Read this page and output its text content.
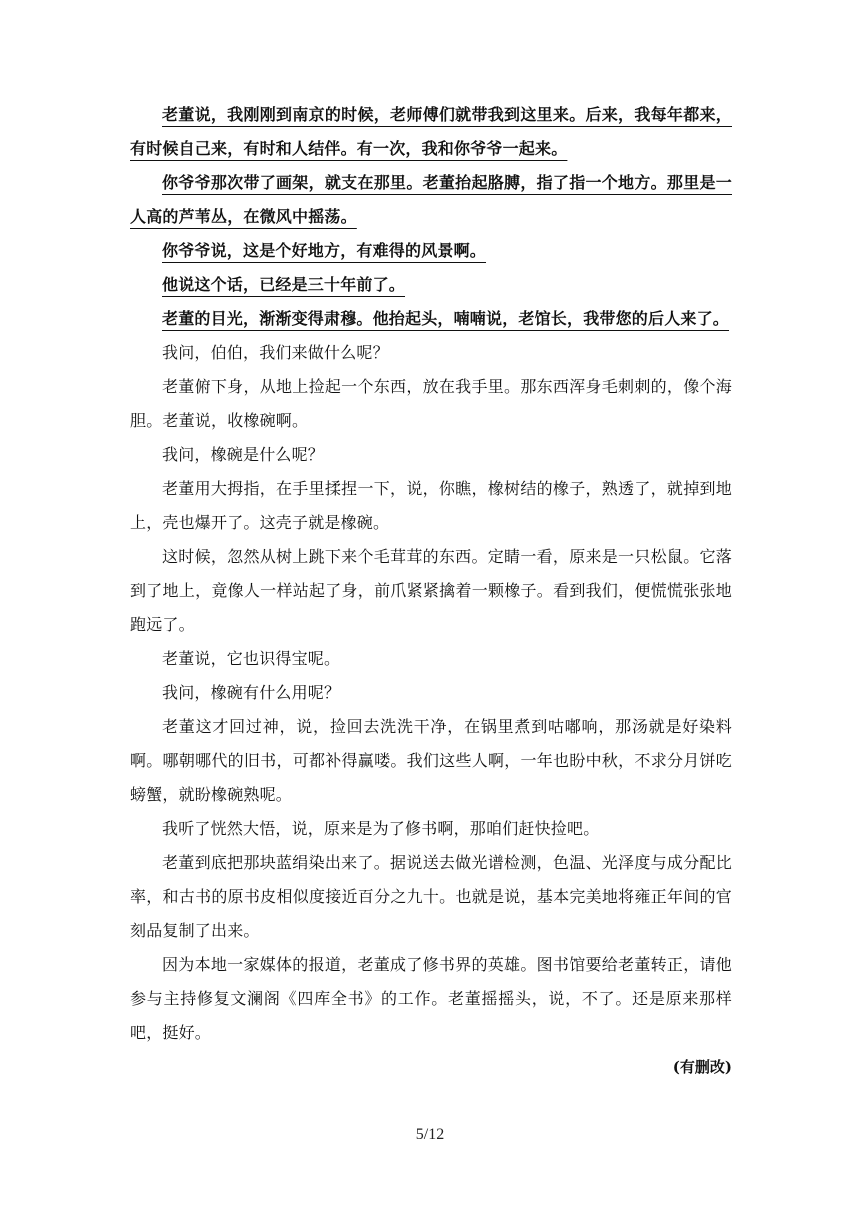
老董说，我刚刚到南京的时候，老师傅们就带我到这里来。后来，我每年都来，有时候自己来，有时和人结伴。有一次，我和你爷爷一起来。

你爷爷那次带了画架，就支在那里。老董抬起胳膊，指了指一个地方。那里是一人高的芦苇丛，在微风中摇荡。

你爷爷说，这是个好地方，有难得的风景啊。

他说这个话，已经是三十年前了。

老董的目光，渐渐变得肃穆。他抬起头，喃喃说，老馆长，我带您的后人来了。

我问，伯伯，我们来做什么呢？

老董俯下身，从地上捡起一个东西，放在我手里。那东西浑身毛刺刺的，像个海胆。老董说，收橡碗啊。

我问，橡碗是什么呢？

老董用大拇指，在手里揉捏一下，说，你瞧，橡树结的橡子，熟透了，就掉到地上，壳也爆开了。这壳子就是橡碗。

这时候，忽然从树上跳下来个毛茸茸的东西。定睛一看，原来是一只松鼠。它落到了地上，竟像人一样站起了身，前爪紧紧擒着一颗橡子。看到我们，便慌慌张张地跑远了。

老董说，它也识得宝呢。

我问，橡碗有什么用呢？

老董这才回过神，说，捡回去洗洗干净，在锅里煮到咕嘟响，那汤就是好染料啊。哪朝哪代的旧书，可都补得赢喽。我们这些人啊，一年也盼中秋，不求分月饼吃螃蟹，就盼橡碗熟呢。

我听了恍然大悟，说，原来是为了修书啊，那咱们赶快捡吧。

老董到底把那块蓝绢染出来了。据说送去做光谱检测，色温、光泽度与成分配比率，和古书的原书皮相似度接近百分之九十。也就是说，基本完美地将雍正年间的官刻品复制了出来。

因为本地一家媒体的报道，老董成了修书界的英雄。图书馆要给老董转正，请他参与主持修复文澜阁《四库全书》的工作。老董摇摇头，说，不了。还是原来那样吧，挺好。

(有删改)

5/12
